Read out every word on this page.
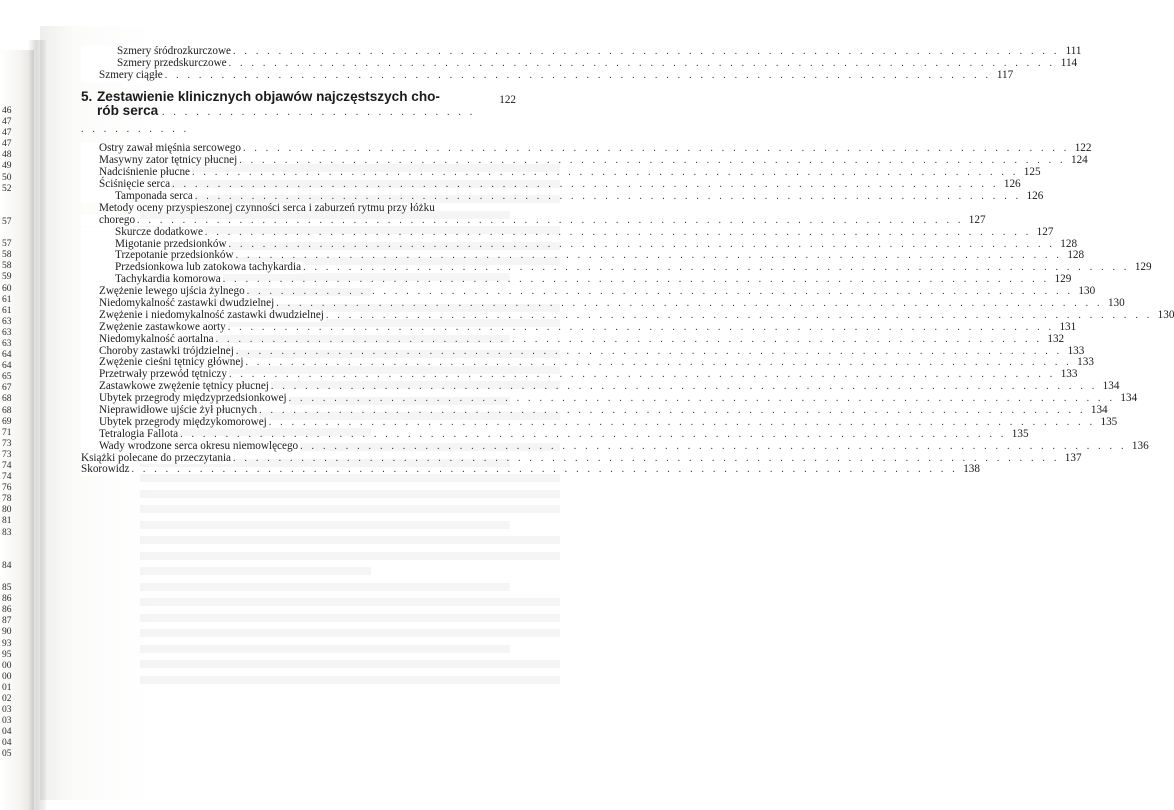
46
47
47
47
48
49
50
52
57
57
58
58
59
60
61
61
63
63
63
64
64
65
67
68
68
69
71
73
73
74
74
76
78
80
81
83
84
85
86
86
87
90
93
95
00
00
01
02
03
03
04
04
05
Szmery śródrozkurczowe . . . . . . . . . . . . . . . . . . . . . . . . . . . . . . . . . . . . . . . . . . . . . . . . . . . . . . . . . . . . . . . . . . . . . . . . . 111
Szmery przedskurczowe . . . . . . . . . . . . . . . . . . . . . . . . . . . . . . . . . . . . . . . . . . . . . . . . . . . . . . . . . . . . . . . . . . . . . . . . . 114
Szmery ciągłe . . . . . . . . . . . . . . . . . . . . . . . . . . . . . . . . . . . . . . . . . . . . . . . . . . . . . . . . . . . . . . . . . . . . . . . . . 117
5. Zestawienie klinicznych objawów najczęstszych cho-
rób serca . . . . . . . . . . . . . . . . . . . . . . . . . . . . . . . . . . . . . .
122
Ostry zawał mięśnia sercowego . . . . . . . . . . . . . . . . . . . . . . . . . . . . . . . . . . . . . . . . . . . . . . . . . . . . . . . . . . . . . . . . . . . . . . . . . 122
Masywny zator tętnicy płucnej . . . . . . . . . . . . . . . . . . . . . . . . . . . . . . . . . . . . . . . . . . . . . . . . . . . . . . . . . . . . . . . . . . . . . . . . . 124
Nadciśnienie płucne . . . . . . . . . . . . . . . . . . . . . . . . . . . . . . . . . . . . . . . . . . . . . . . . . . . . . . . . . . . . . . . . . . . . . . . . . 125
Ściśnięcie serca . . . . . . . . . . . . . . . . . . . . . . . . . . . . . . . . . . . . . . . . . . . . . . . . . . . . . . . . . . . . . . . . . . . . . . . . . 126
Tamponada serca . . . . . . . . . . . . . . . . . . . . . . . . . . . . . . . . . . . . . . . . . . . . . . . . . . . . . . . . . . . . . . . . . . . . . . . . . 126
Metody oceny przyspieszonej czynności serca i zaburzeń rytmu przy łóżku
chorego . . . . . . . . . . . . . . . . . . . . . . . . . . . . . . . . . . . . . . . . . . . . . . . . . . . . . . . . . . . . . . . . . . . . . . . . . 127
Skurcze dodatkowe . . . . . . . . . . . . . . . . . . . . . . . . . . . . . . . . . . . . . . . . . . . . . . . . . . . . . . . . . . . . . . . . . . . . . . . . . 127
Migotanie przedsionków . . . . . . . . . . . . . . . . . . . . . . . . . . . . . . . . . . . . . . . . . . . . . . . . . . . . . . . . . . . . . . . . . . . . . . . . . 128
Trzepotanie przedsionków . . . . . . . . . . . . . . . . . . . . . . . . . . . . . . . . . . . . . . . . . . . . . . . . . . . . . . . . . . . . . . . . . . . . . . . . . 128
Przedsionkowa lub zatokowa tachykardia . . . . . . . . . . . . . . . . . . . . . . . . . . . . . . . . . . . . . . . . . . . . . . . . . . . . . . . . . . . . . . . . . . . . . . . . . 129
Tachykardia komorowa . . . . . . . . . . . . . . . . . . . . . . . . . . . . . . . . . . . . . . . . . . . . . . . . . . . . . . . . . . . . . . . . . . . . . . . . . 129
Zwężenie lewego ujścia żylnego . . . . . . . . . . . . . . . . . . . . . . . . . . . . . . . . . . . . . . . . . . . . . . . . . . . . . . . . . . . . . . . . . . . . . . . . . 130
Niedomykalność zastawki dwudzielnej . . . . . . . . . . . . . . . . . . . . . . . . . . . . . . . . . . . . . . . . . . . . . . . . . . . . . . . . . . . . . . . . . . . . . . . . . 130
Zwężenie i niedomykalność zastawki dwudzielnej . . . . . . . . . . . . . . . . . . . . . . . . . . . . . . . . . . . . . . . . . . . . . . . . . . . . . . . . . . . . . . . . . . . . . . . . . 130
Zwężenie zastawkowe aorty . . . . . . . . . . . . . . . . . . . . . . . . . . . . . . . . . . . . . . . . . . . . . . . . . . . . . . . . . . . . . . . . . . . . . . . . . 131
Niedomykalność aortalna . . . . . . . . . . . . . . . . . . . . . . . . . . . . . . . . . . . . . . . . . . . . . . . . . . . . . . . . . . . . . . . . . . . . . . . . . 132
Choroby zastawki trójdzielnej . . . . . . . . . . . . . . . . . . . . . . . . . . . . . . . . . . . . . . . . . . . . . . . . . . . . . . . . . . . . . . . . . . . . . . . . . 133
Zwężenie cieśni tętnicy głównej . . . . . . . . . . . . . . . . . . . . . . . . . . . . . . . . . . . . . . . . . . . . . . . . . . . . . . . . . . . . . . . . . . . . . . . . . 133
Przetrwały przewód tętniczy . . . . . . . . . . . . . . . . . . . . . . . . . . . . . . . . . . . . . . . . . . . . . . . . . . . . . . . . . . . . . . . . . . . . . . . . . 133
Zastawkowe zwężenie tętnicy płucnej . . . . . . . . . . . . . . . . . . . . . . . . . . . . . . . . . . . . . . . . . . . . . . . . . . . . . . . . . . . . . . . . . . . . . . . . . 134
Ubytek przegrody międzyprzedsionkowej . . . . . . . . . . . . . . . . . . . . . . . . . . . . . . . . . . . . . . . . . . . . . . . . . . . . . . . . . . . . . . . . . . . . . . . . . 134
Nieprawidłowe ujście żył płucnych . . . . . . . . . . . . . . . . . . . . . . . . . . . . . . . . . . . . . . . . . . . . . . . . . . . . . . . . . . . . . . . . . . . . . . . . . 134
Ubytek przegrody międzykomorowej . . . . . . . . . . . . . . . . . . . . . . . . . . . . . . . . . . . . . . . . . . . . . . . . . . . . . . . . . . . . . . . . . . . . . . . . . 135
Tetralogia Fallota . . . . . . . . . . . . . . . . . . . . . . . . . . . . . . . . . . . . . . . . . . . . . . . . . . . . . . . . . . . . . . . . . . . . . . . . . 135
Wady wrodzone serca okresu niemowlęcego . . . . . . . . . . . . . . . . . . . . . . . . . . . . . . . . . . . . . . . . . . . . . . . . . . . . . . . . . . . . . . . . . . . . . . . . . 136
Książki polecane do przeczytania . . . . . . . . . . . . . . . . . . . . . . . . . . . . . . . . . . . . . . . . . . . . . . . . . . . . . . . . . . . . . . . . . . . . . . . . . 137
Skorowidz . . . . . . . . . . . . . . . . . . . . . . . . . . . . . . . . . . . . . . . . . . . . . . . . . . . . . . . . . . . . . . . . . . . . . . . . . 138
